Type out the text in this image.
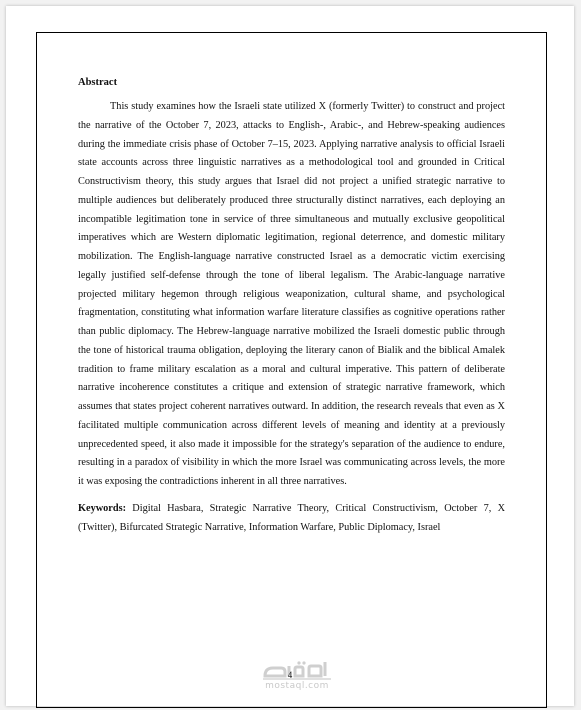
Abstract

This study examines how the Israeli state utilized X (formerly Twitter) to construct and project the narrative of the October 7, 2023, attacks to English-, Arabic-, and Hebrew-speaking audiences during the immediate crisis phase of October 7–15, 2023. Applying narrative analysis to official Israeli state accounts across three linguistic narratives as a methodological tool and grounded in Critical Constructivism theory, this study argues that Israel did not project a unified strategic narrative to multiple audiences but deliberately produced three structurally distinct narratives, each deploying an incompatible legitimation tone in service of three simultaneous and mutually exclusive geopolitical imperatives which are Western diplomatic legitimation, regional deterrence, and domestic military mobilization. The English-language narrative constructed Israel as a democratic victim exercising legally justified self-defense through the tone of liberal legalism. The Arabic-language narrative projected military hegemon through religious weaponization, cultural shame, and psychological fragmentation, constituting what information warfare literature classifies as cognitive operations rather than public diplomacy. The Hebrew-language narrative mobilized the Israeli domestic public through the tone of historical trauma obligation, deploying the literary canon of Bialik and the biblical Amalek tradition to frame military escalation as a moral and cultural imperative. This pattern of deliberate narrative incoherence constitutes a critique and extension of strategic narrative framework, which assumes that states project coherent narratives outward. In addition, the research reveals that even as X facilitated multiple communication across different levels of meaning and identity at a previously unprecedented speed, it also made it impossible for the strategy's separation of the audience to endure, resulting in a paradox of visibility in which the more Israel was communicating across levels, the more it was exposing the contradictions inherent in all three narratives.

Keywords: Digital Hasbara, Strategic Narrative Theory, Critical Constructivism, October 7, X (Twitter), Bifurcated Strategic Narrative, Information Warfare, Public Diplomacy, Israel

mostaql.com
4
